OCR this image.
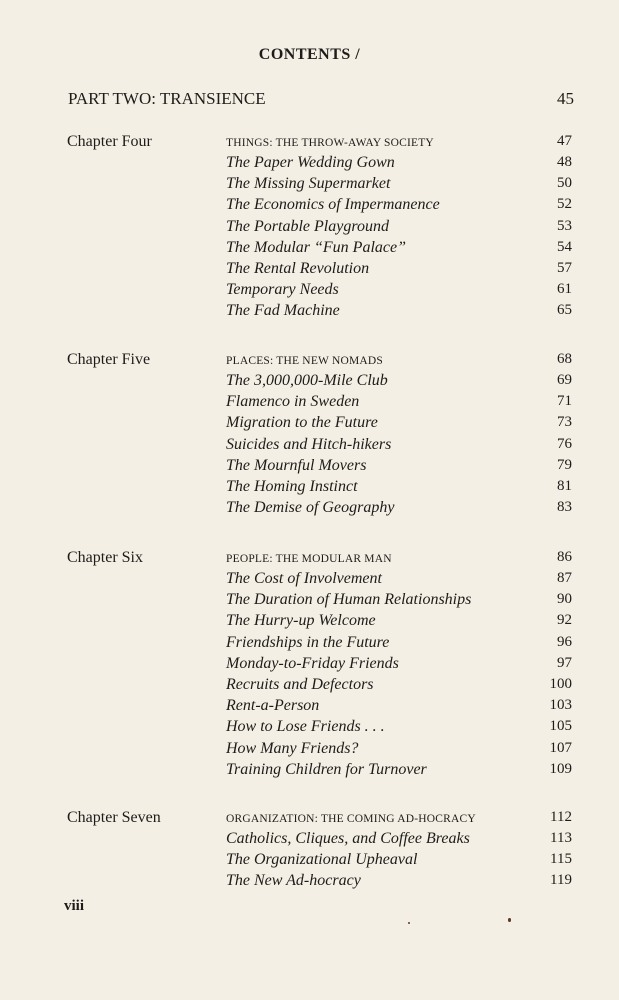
CONTENTS /
PART TWO: TRANSIENCE	45
Chapter Four	THINGS: THE THROW-AWAY SOCIETY	47
The Paper Wedding Gown	48
The Missing Supermarket	50
The Economics of Impermanence	52
The Portable Playground	53
The Modular “Fun Palace”	54
The Rental Revolution	57
Temporary Needs	61
The Fad Machine	65
Chapter Five	PLACES: THE NEW NOMADS	68
The 3,000,000-Mile Club	69
Flamenco in Sweden	71
Migration to the Future	73
Suicides and Hitch-hikers	76
The Mournful Movers	79
The Homing Instinct	81
The Demise of Geography	83
Chapter Six	PEOPLE: THE MODULAR MAN	86
The Cost of Involvement	87
The Duration of Human Relationships	90
The Hurry-up Welcome	92
Friendships in the Future	96
Monday-to-Friday Friends	97
Recruits and Defectors	100
Rent-a-Person	103
How to Lose Friends . . .	105
How Many Friends?	107
Training Children for Turnover	109
Chapter Seven	ORGANIZATION: THE COMING AD-HOCRACY	112
Catholics, Cliques, and Coffee Breaks	113
The Organizational Upheaval	115
The New Ad-hocracy	119
viii
